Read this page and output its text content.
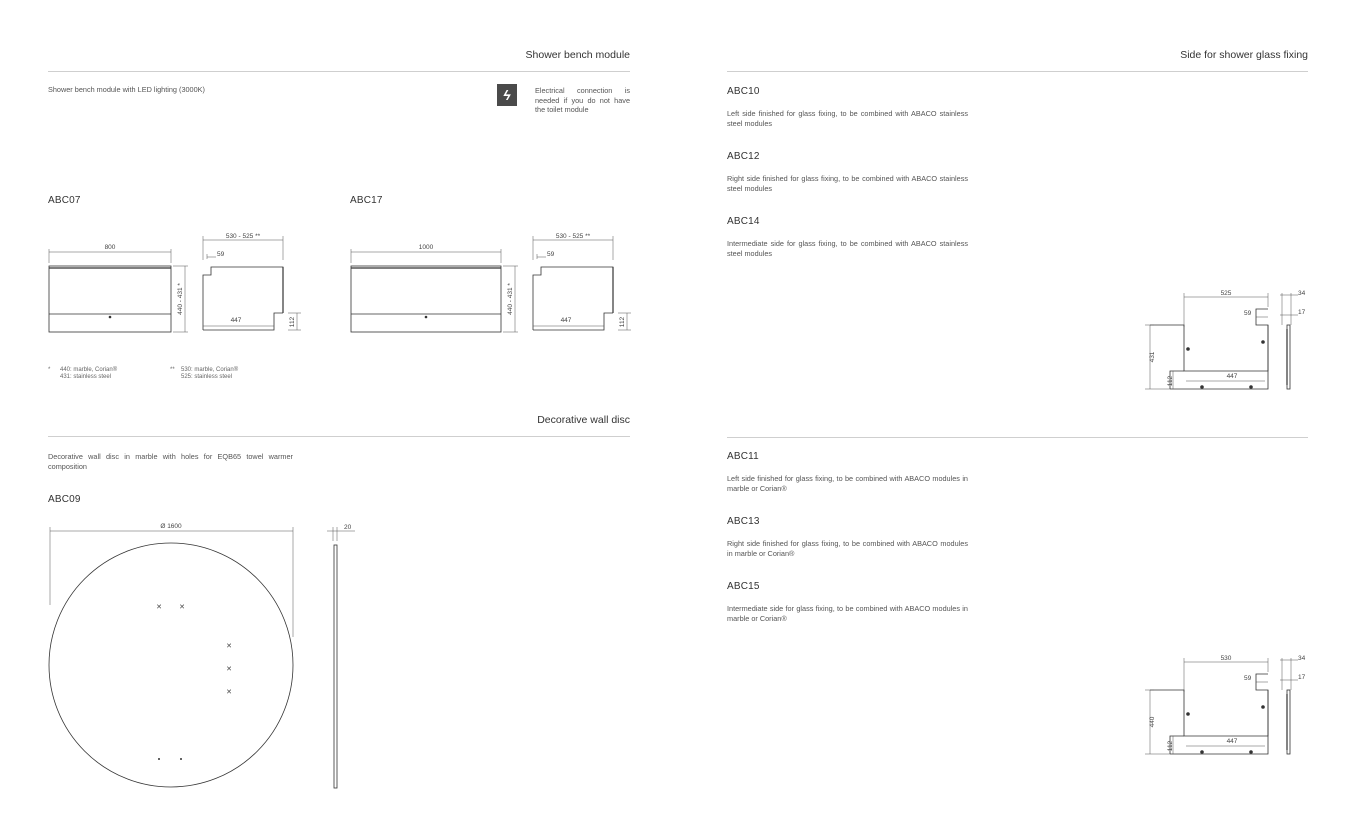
Shower bench module
Shower bench module with LED lighting (3000K)	ϟ	Electrical connection is needed if you do not have the toilet module
ABC07	ABC17
800
440 - 431 *
530 - 525 **
59
447	112
1000
440 - 431 *
530 - 525 **
59
447	112
* 440: marble, Corian®
431: stainless steel
** 530: marble, Corian®
525: stainless steel
Decorative wall disc
Decorative wall disc in marble with holes for EQB65 towel warmer composition
ABC09
Ø 1600
✕ ✕
✕
✕
✕
20
Side for shower glass fixing
ABC10
Left side finished for glass fixing, to be combined with ABACO stainless steel modules
ABC12
Right side finished for glass fixing, to be combined with ABACO stainless steel modules
ABC14
Intermediate side for glass fixing, to be combined with ABACO stainless steel modules
525
59
431
112	447
34
17
ABC11
Left side finished for glass fixing, to be combined with ABACO modules in marble or Corian®
ABC13
Right side finished for glass fixing, to be combined with ABACO modules in marble or Corian®
ABC15
Intermediate side for glass fixing, to be combined with ABACO modules in marble or Corian®
530
59
440
112	447
34
17
